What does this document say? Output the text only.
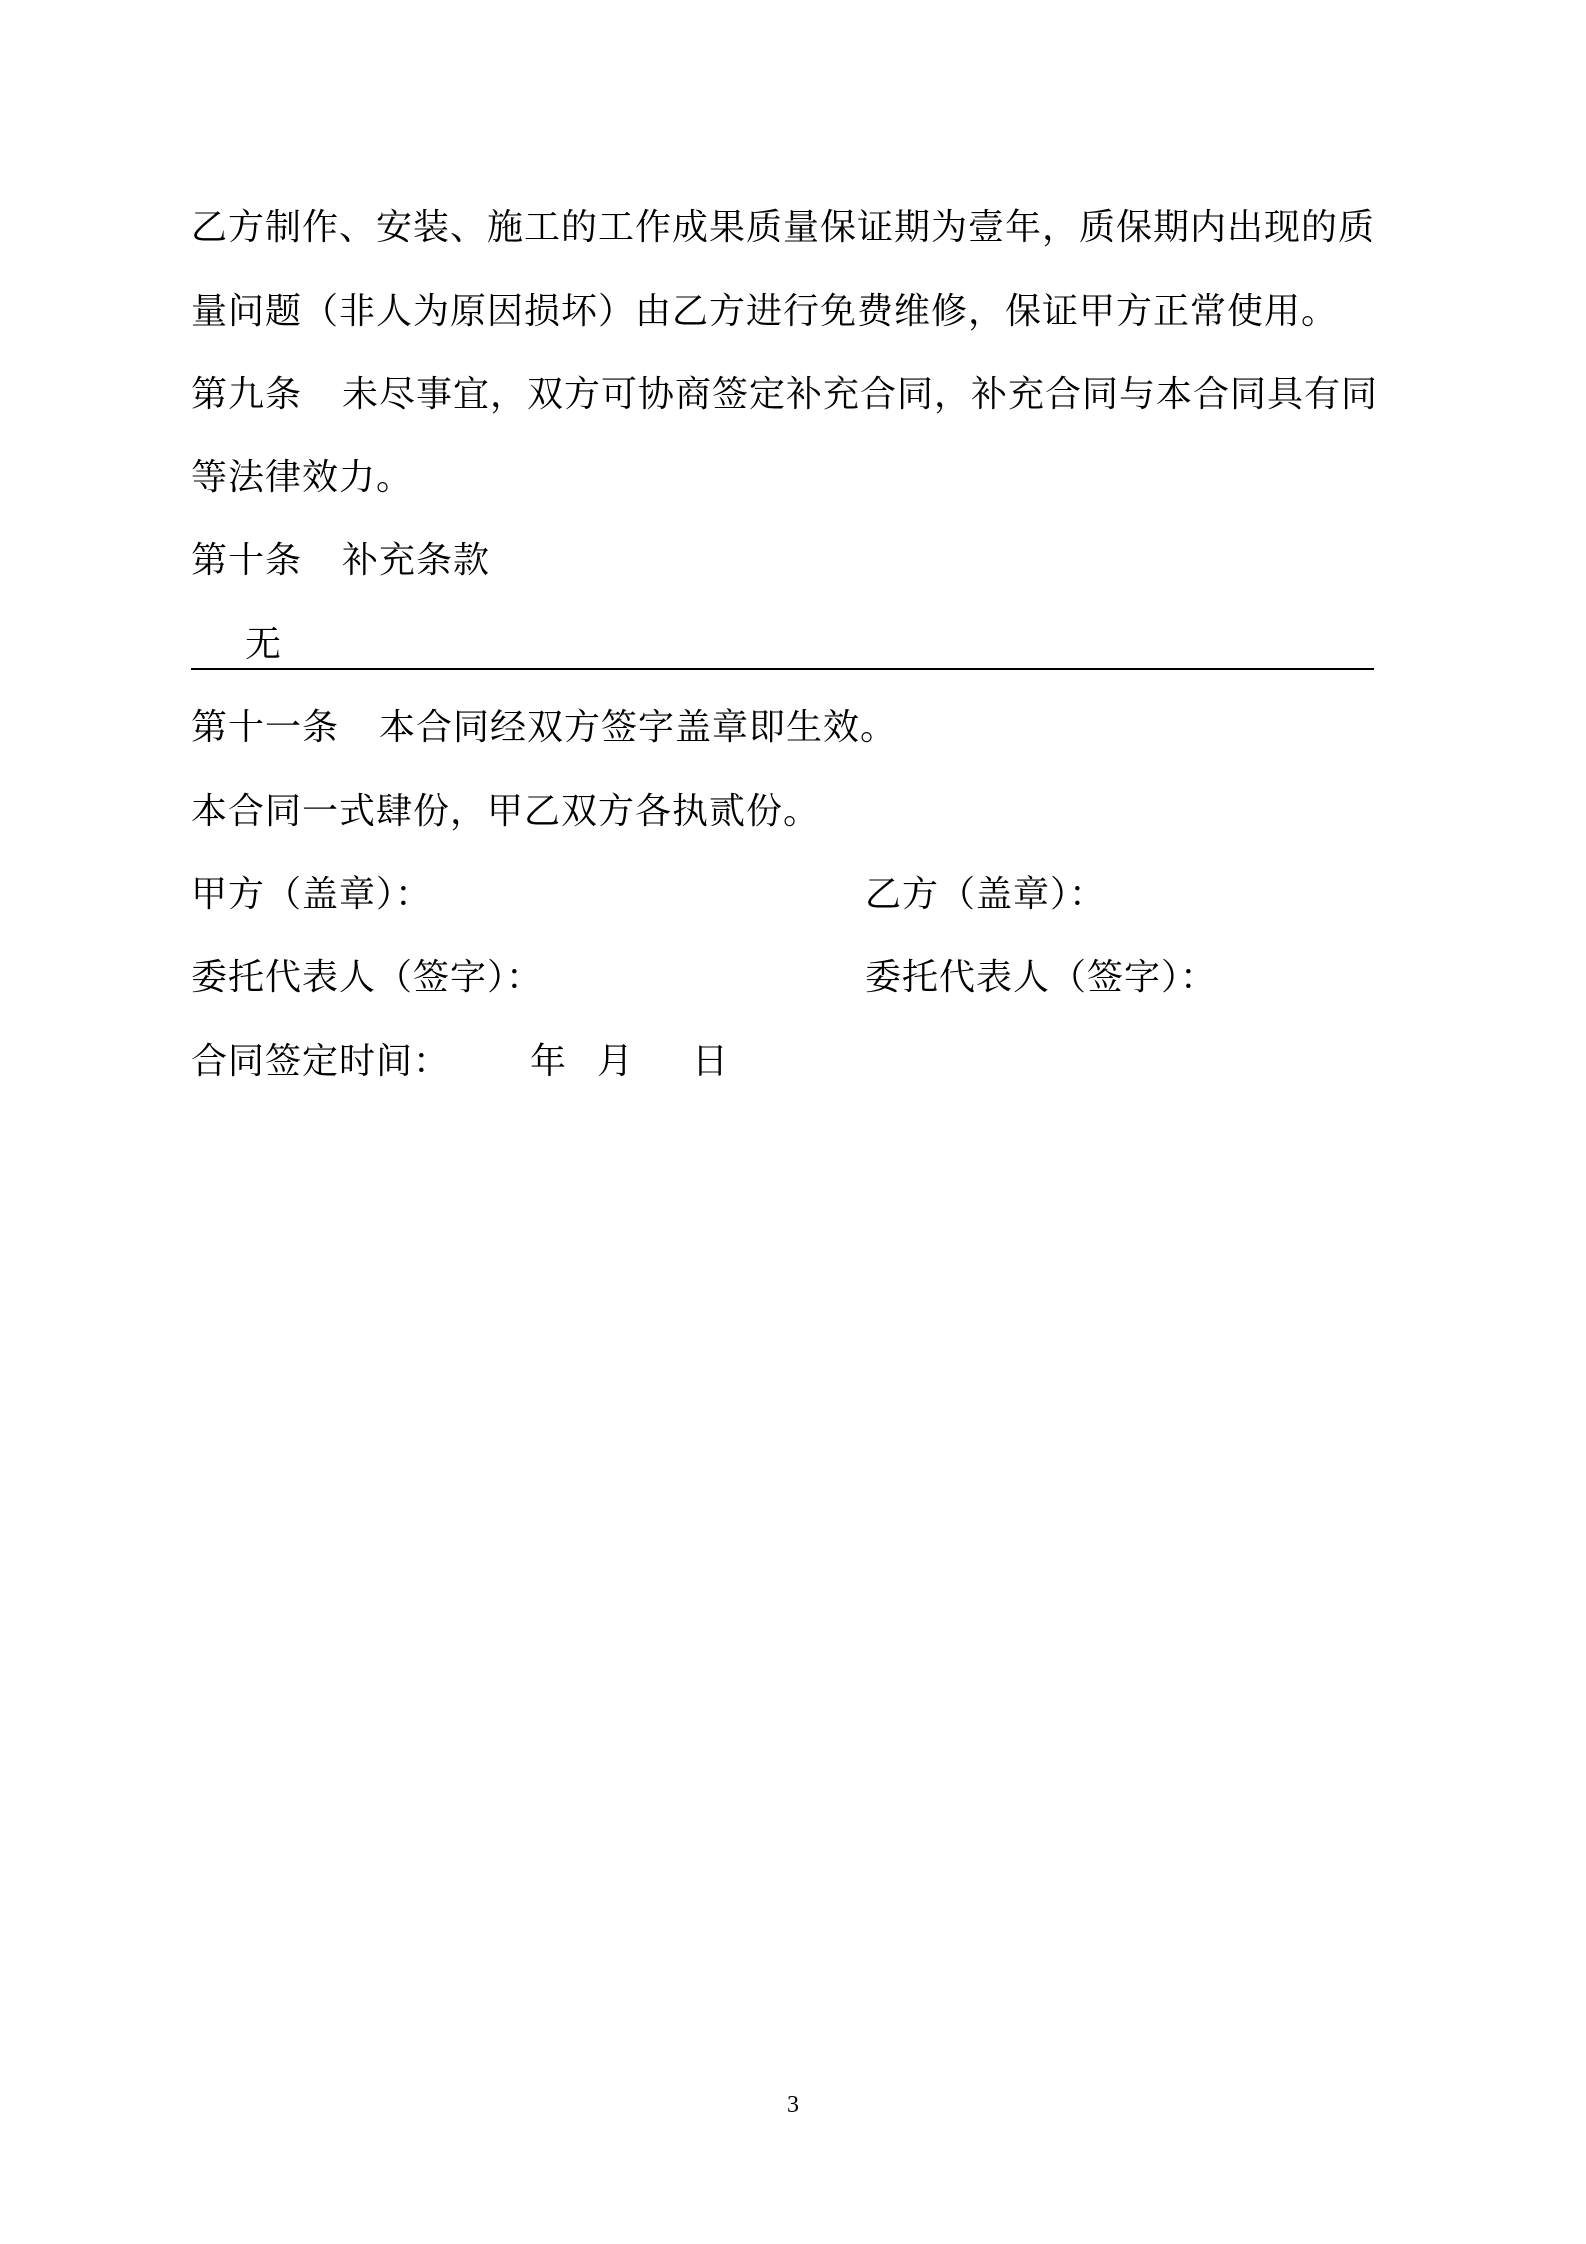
乙方制作、安装、施工的工作成果质量保证期为壹年，质保期内出现的质
量问题（非人为原因损坏）由乙方进行免费维修，保证甲方正常使用。
第九条 未尽事宜，双方可协商签定补充合同，补充合同与本合同具有同
等法律效力。
第十条 补充条款
无
第十一条 本合同经双方签字盖章即生效。
本合同一式肆份，甲乙双方各执贰份。
甲方（盖章）：	乙方（盖章）：
委托代表人（签字）：	委托代表人（签字）：
合同签定时间： 年 月 日
3
